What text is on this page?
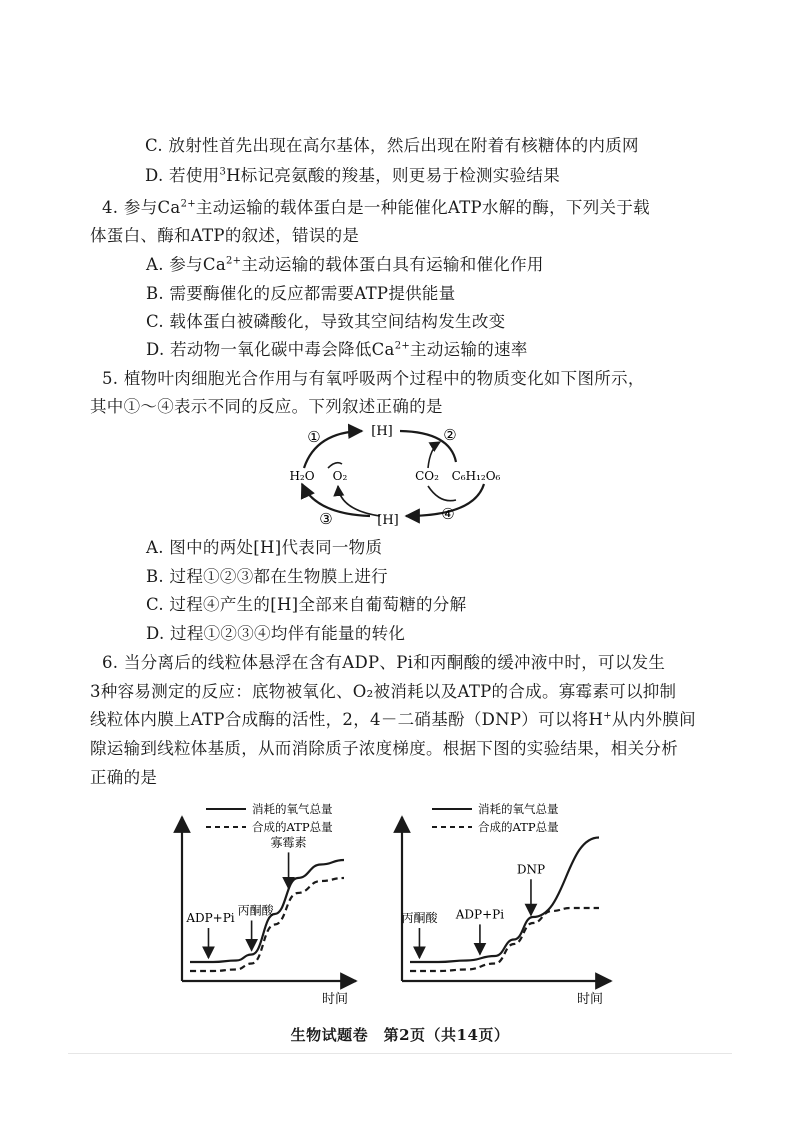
C. 放射性首先出现在高尔基体，然后出现在附着有核糖体的内质网
D. 若使用$^3$H标记亮氨酸的羧基，则更易于检测实验结果
4. 参与$Ca^{2+}$主动运输的载体蛋白是一种能催化ATP水解的酶，下列关于载
体蛋白、酶和ATP的叙述，错误的是
A. 参与$Ca^{2+}$主动运输的载体蛋白具有运输和催化作用
B. 需要酶催化的反应都需要ATP提供能量
C. 载体蛋白被磷酸化，导致其空间结构发生改变
D. 若动物一氧化碳中毒会降低$Ca^{2+}$主动运输的速率
5. 植物叶肉细胞光合作用与有氧呼吸两个过程中的物质变化如下图所示，
其中①～④表示不同的反应。下列叙述正确的是
[H]
[H]
①	②
③	④
H₂O O₂	CO₂ C₆H₁₂O₆
A. 图中的两处[H]代表同一物质
B. 过程①②③都在生物膜上进行
C. 过程④产生的[H]全部来自葡萄糖的分解
D. 过程①②③④均伴有能量的转化
6. 当分离后的线粒体悬浮在含有ADP、Pi和丙酮酸的缓冲液中时，可以发生
3种容易测定的反应：底物被氧化、O₂被消耗以及ATP的合成。寡霉素可以抑制
线粒体内膜上ATP合成酶的活性，2，4－二硝基酚（DNP）可以将H+从内外膜间
隙运输到线粒体基质，从而消除质子浓度梯度。根据下图的实验结果，相关分析
正确的是
时间
消耗的氧气总量
合成的ATP总量
ADP+Pi
丙酮酸
寡霉素
时间
消耗的氧气总量
合成的ATP总量
丙酮酸 ADP+Pi
DNP
生物试题卷　第2页（共14页）
